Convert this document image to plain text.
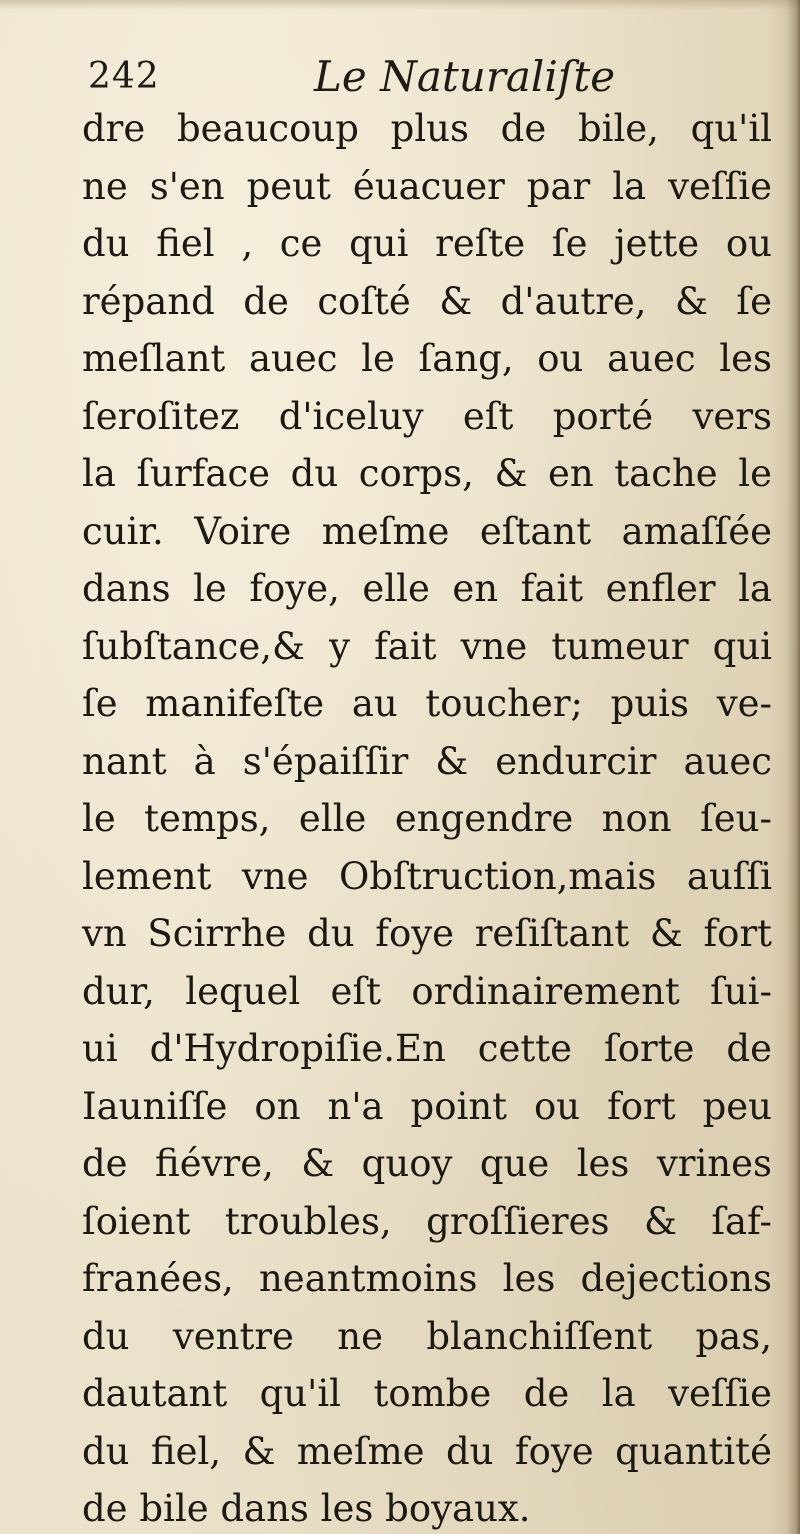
242	Le Naturaliſte
dre beaucoup plus de bile, qu'il
ne s'en peut éuacuer par la veſſie
du fiel , ce qui reſte ſe jette ou
répand de coſté & d'autre, & ſe
meſlant auec le ſang, ou auec les
ſeroſitez d'iceluy eſt porté vers
la ſurface du corps, & en tache le
cuir. Voire meſme eſtant amaſſée
dans le foye, elle en fait enfler la
ſubſtance,& y fait vne tumeur qui
ſe manifeſte au toucher; puis ve-
nant à s'épaiſſir & endurcir auec
le temps, elle engendre non ſeu-
lement vne Obſtruction,mais auſſi
vn Scirrhe du foye reſiſtant & fort
dur, lequel eſt ordinairement ſui-
ui d'Hydropiſie.En cette ſorte de
Iauniſſe on n'a point ou fort peu
de fiévre, & quoy que les vrines
ſoient troubles, groſſieres & ſaf-
franées, neantmoins les dejections
du ventre ne blanchiſſent pas,
dautant qu'il tombe de la veſſie
du fiel, & meſme du foye quantité
de bile dans les boyaux.
